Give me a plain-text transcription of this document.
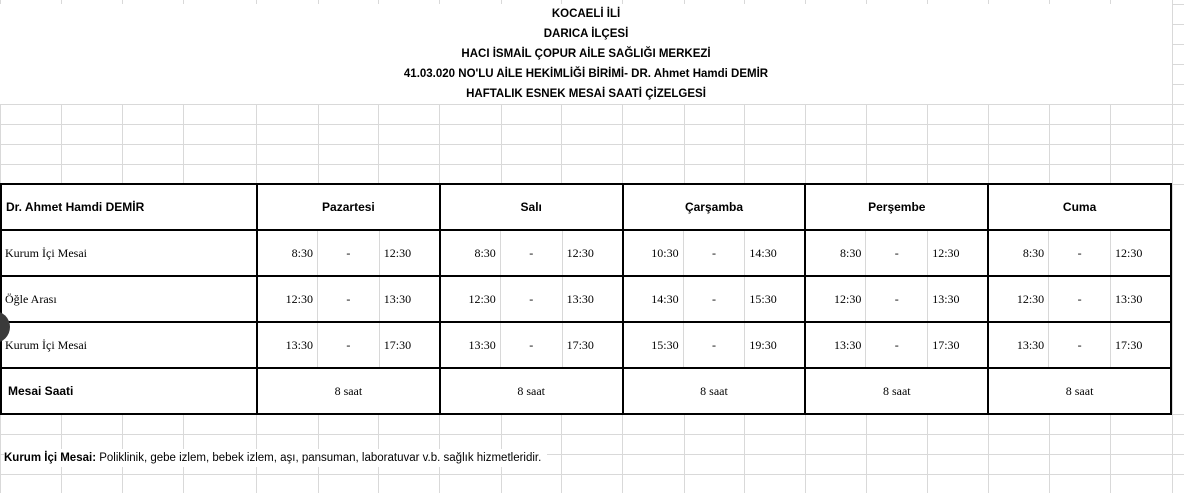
KOCAELİ İLİ
DARICA İLÇESİ
HACI İSMAİL ÇOPUR AİLE SAĞLIĞI MERKEZİ
41.03.020 NO'LU AİLE HEKİMLİĞİ BİRİMİ- DR. Ahmet Hamdi DEMİR
HAFTALIK ESNEK MESAİ SAATİ ÇİZELGESİ
Dr. Ahmet Hamdi DEMİR	Pazartesi	Salı	Çarşamba	Perşembe	Cuma
Kurum İçi Mesai	8:30 - 12:30	8:30 - 12:30	10:30 - 14:30	8:30 - 12:30	8:30 - 12:30

Öğle Arası	12:30 - 13:30	12:30 - 13:30	14:30 - 15:30	12:30 - 13:30	12:30 - 13:30

Kurum İçi Mesai	13:30 - 17:30	13:30 - 17:30	15:30 - 19:30	13:30 - 17:30	13:30 - 17:30

Mesai Saati	8 saat	8 saat	8 saat	8 saat	8 saat
Kurum İçi Mesai: Poliklinik, gebe izlem, bebek izlem, aşı, pansuman, laboratuvar v.b. sağlık hizmetleridir.
